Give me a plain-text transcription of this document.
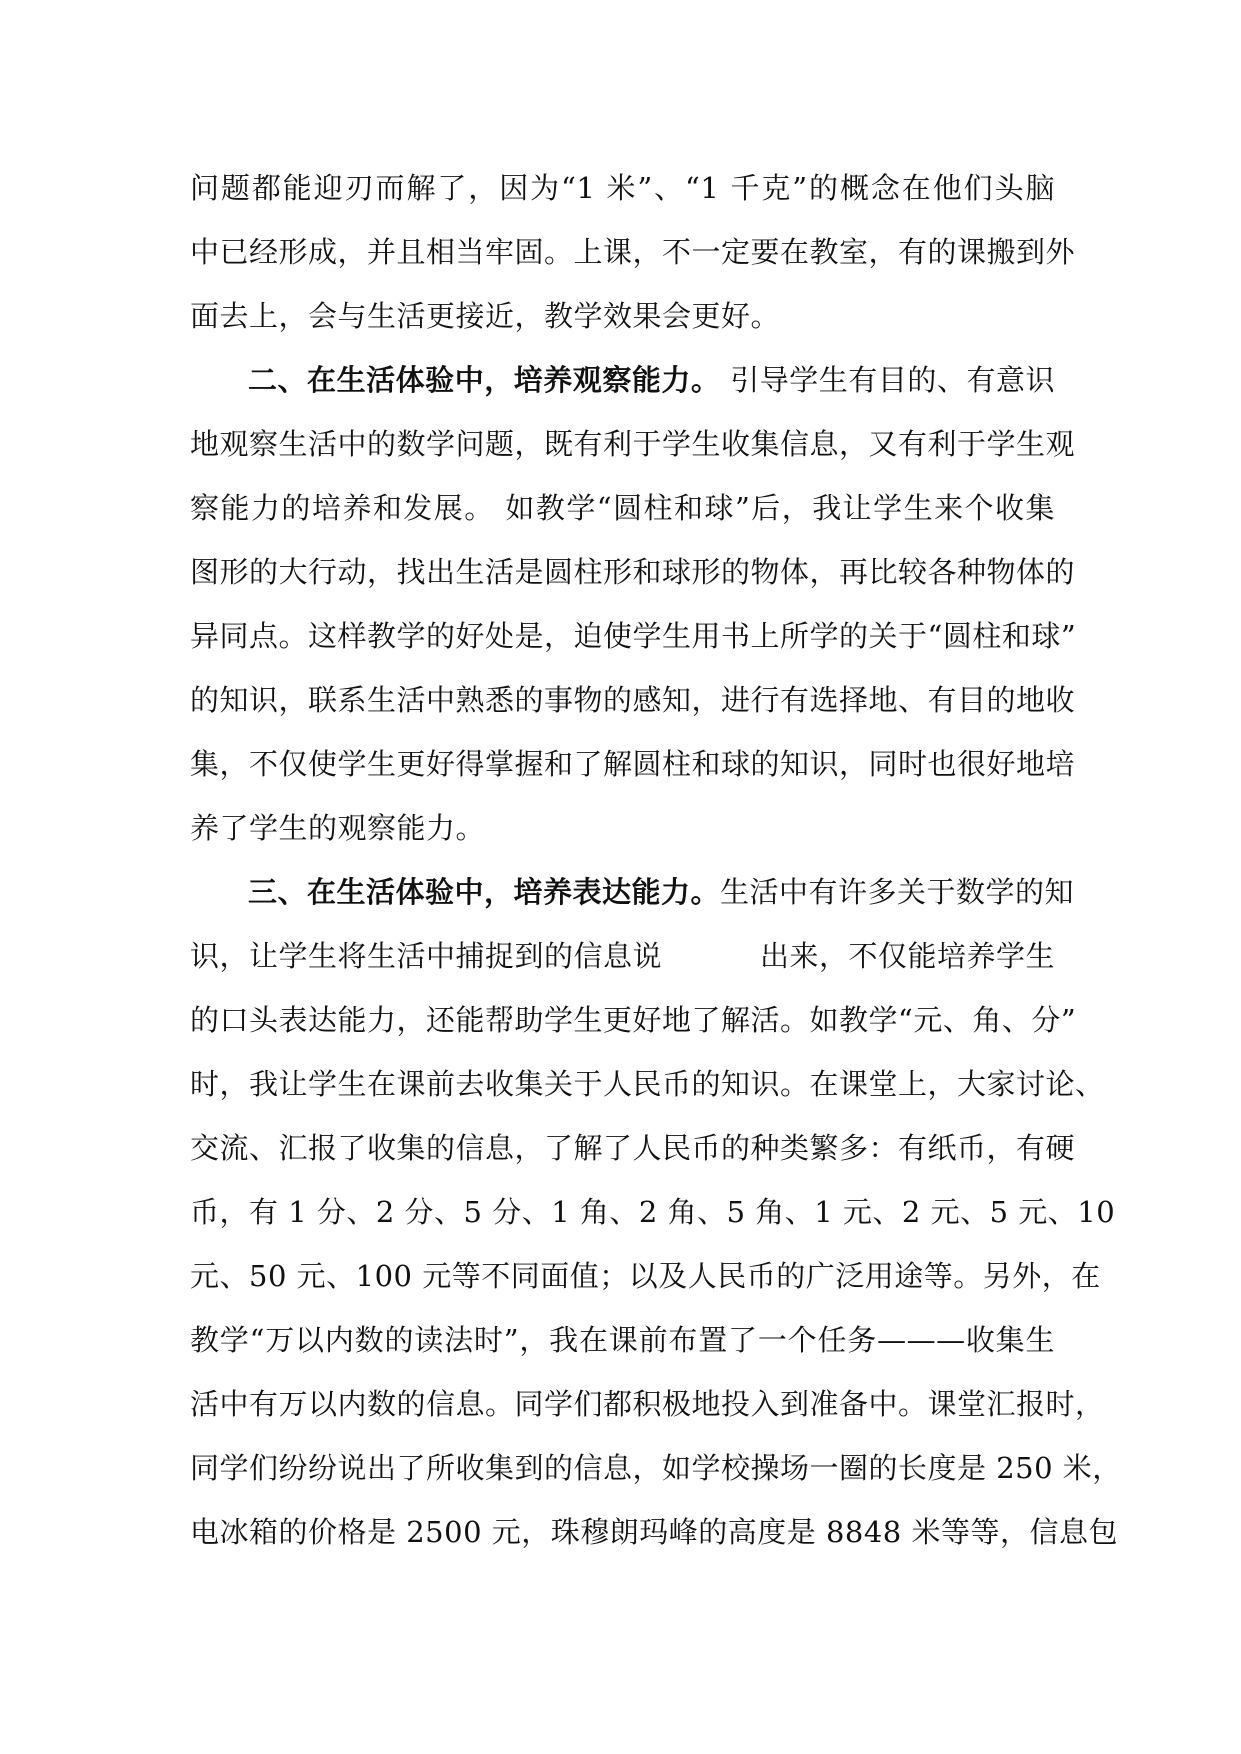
问题都能迎刃而解了，因为“1 米”、“1 千克”的概念在他们头脑
中已经形成，并且相当牢固。上课，不一定要在教室，有的课搬到外
面去上，会与生活更接近，教学效果会更好。
二、在生活体验中，培养观察能力。 引导学生有目的、有意识
地观察生活中的数学问题，既有利于学生收集信息，又有利于学生观
察能力的培养和发展。 如教学“圆柱和球”后，我让学生来个收集
图形的大行动，找出生活是圆柱形和球形的物体，再比较各种物体的
异同点。这样教学的好处是，迫使学生用书上所学的关于“圆柱和球”
的知识，联系生活中熟悉的事物的感知，进行有选择地、有目的地收
集，不仅使学生更好得掌握和了解圆柱和球的知识，同时也很好地培
养了学生的观察能力。
三、在生活体验中，培养表达能力。生活中有许多关于数学的知
识，让学生将生活中捕捉到的信息说	出来，不仅能培养学生
的口头表达能力，还能帮助学生更好地了解活。如教学“元、角、分”
时，我让学生在课前去收集关于人民币的知识。在课堂上，大家讨论、
交流、汇报了收集的信息，了解了人民币的种类繁多：有纸币，有硬
币，有 1 分、2 分、5 分、1 角、2 角、5 角、1 元、2 元、5 元、10
元、50 元、100 元等不同面值；以及人民币的广泛用途等。另外，在
教学“万以内数的读法时”，我在课前布置了一个任务———收集生
活中有万以内数的信息。同学们都积极地投入到准备中。课堂汇报时，
同学们纷纷说出了所收集到的信息，如学校操场一圈的长度是 250 米，
电冰箱的价格是 2500 元，珠穆朗玛峰的高度是 8848 米等等，信息包
